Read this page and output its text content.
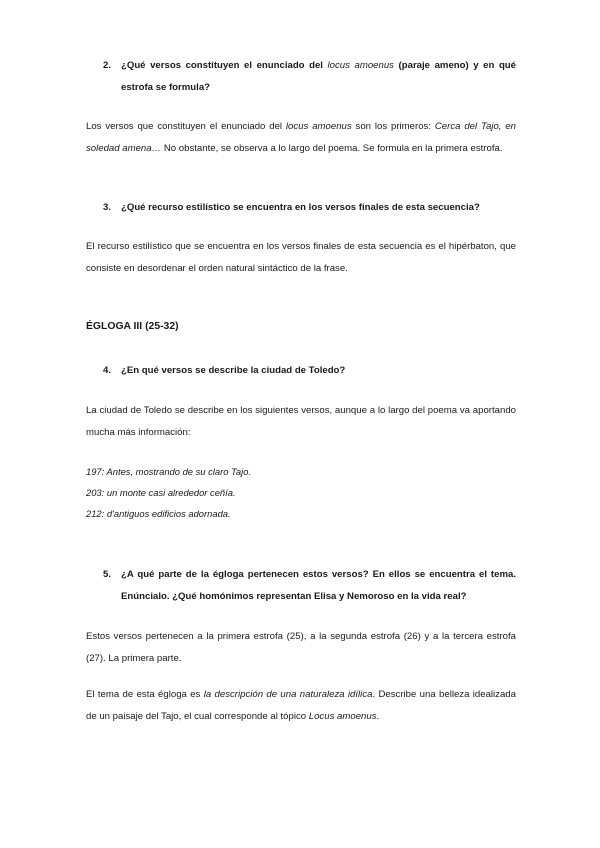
2. ¿Qué versos constituyen el enunciado del locus amoenus (paraje ameno) y en qué estrofa se formula?
Los versos que constituyen el enunciado del locus amoenus son los primeros: Cerca del Tajo, en soledad amena… No obstante, se observa a lo largo del poema. Se formula en la primera estrofa.
3. ¿Qué recurso estilístico se encuentra en los versos finales de esta secuencia?
El recurso estilístico que se encuentra en los versos finales de esta secuencia es el hipérbaton, que consiste en desordenar el orden natural sintáctico de la frase.
ÉGLOGA III (25-32)
4. ¿En qué versos se describe la ciudad de Toledo?
La ciudad de Toledo se describe en los siguientes versos, aunque a lo largo del poema va aportando mucha más información:
197: Antes, mostrando de su claro Tajo.
203: un monte casi alrededor ceñía.
212: d'antiguos edificios adornada.
5. ¿A qué parte de la égloga pertenecen estos versos? En ellos se encuentra el tema. Enúncialo. ¿Qué homónimos representan Elisa y Nemoroso en la vida real?
Estos versos pertenecen a la primera estrofa (25), a la segunda estrofa (26) y a la tercera estrofa (27). La primera parte.
El tema de esta égloga es la descripción de una naturaleza idílica. Describe una belleza idealizada de un paisaje del Tajo, el cual corresponde al tópico Locus amoenus.
